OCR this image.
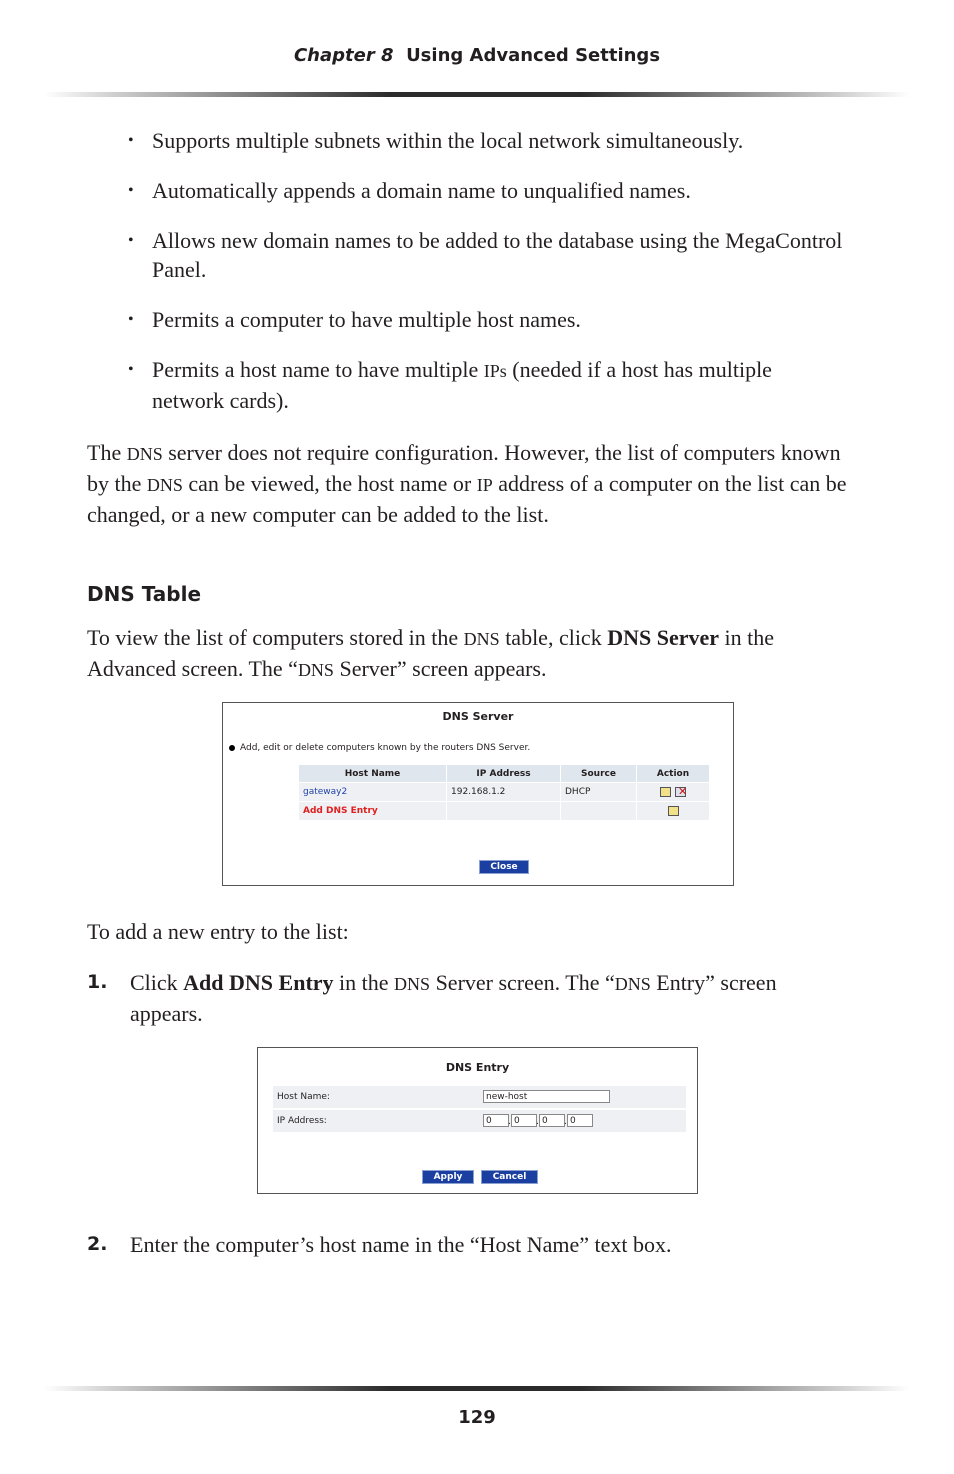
Chapter 8 Using Advanced Settings
• Supports multiple subnets within the local network simultaneously.
• Automatically appends a domain name to unqualified names.
• Allows new domain names to be added to the database using the MegaControl Panel.
• Permits a computer to have multiple host names.
• Permits a host name to have multiple IPs (needed if a host has multiple network cards).

The DNS server does not require configuration. However, the list of computers known by the DNS can be viewed, the host name or IP address of a computer on the list can be changed, or a new computer can be added to the list.

DNS Table

To view the list of computers stored in the DNS table, click DNS Server in the Advanced screen. The “DNS Server” screen appears.

DNS Server
Add, edit or delete computers known by the routers DNS Server.
Host Name	IP Address	Source	Action
gateway2	192.168.1.2	DHCP	✕
Add DNS Entry			
Close

To add a new entry to the list:

1. Click Add DNS Entry in the DNS Server screen. The “DNS Entry” screen appears.
DNS Entry
Host Name:	new-host
IP Address:	0	. 0	. 0	. 0
Apply	Cancel
2. Enter the computer’s host name in the “Host Name” text box.
129
